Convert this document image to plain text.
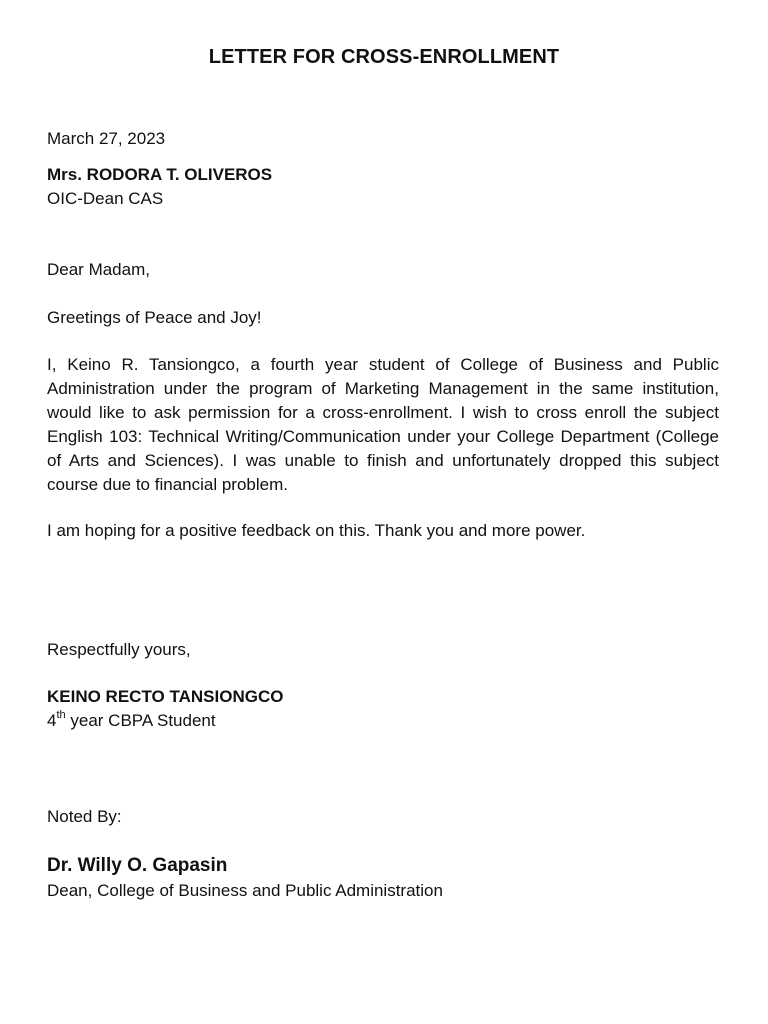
LETTER FOR CROSS-ENROLLMENT

March 27, 2023

Mrs. RODORA T. OLIVEROS

OIC-Dean CAS

Dear Madam,

Greetings of Peace and Joy!

I, Keino R. Tansiongco, a fourth year student of College of Business and Public Administration under the program of Marketing Management in the same institution, would like to ask permission for a cross-enrollment. I wish to cross enroll the subject English 103: Technical Writing/Communication under your College Department (College of Arts and Sciences). I was unable to finish and unfortunately dropped this subject course due to financial problem.

I am hoping for a positive feedback on this. Thank you and more power.

Respectfully yours,

KEINO RECTO TANSIONGCO

4th year CBPA Student

Noted By:

Dr. Willy O. Gapasin

Dean, College of Business and Public Administration
